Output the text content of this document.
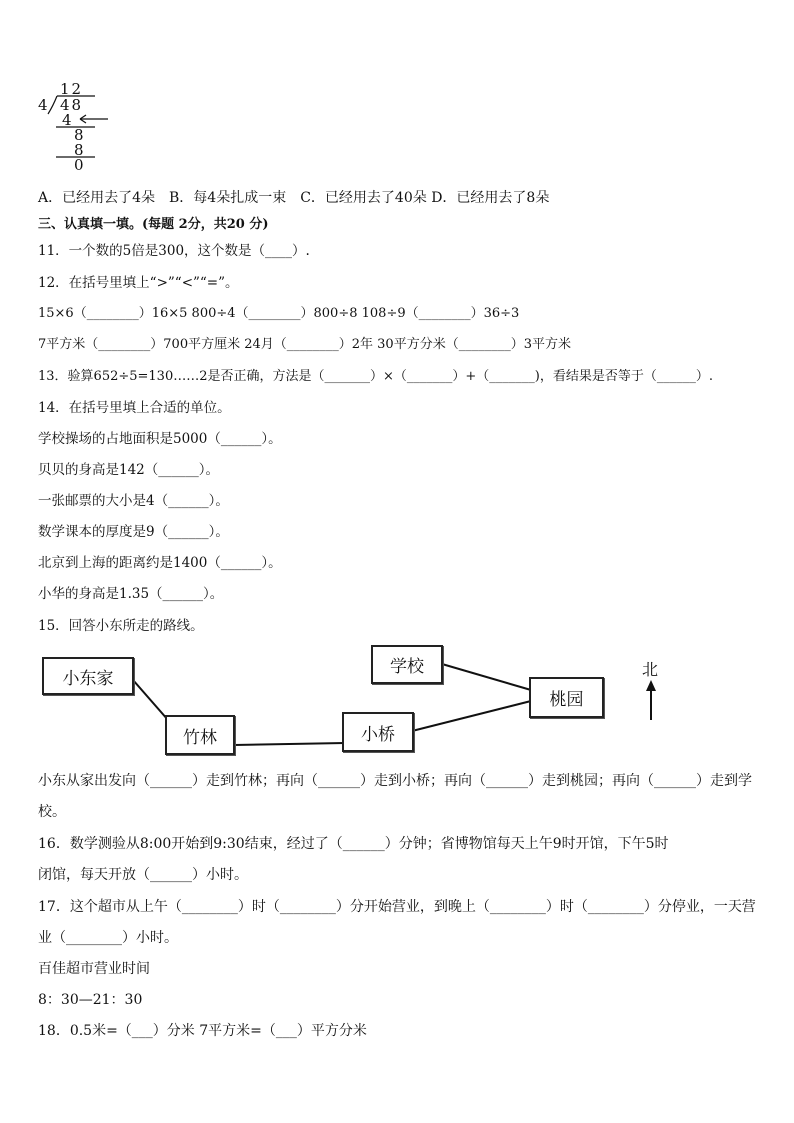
12
4 48
4
8
8
0
A．已经用去了4朵　B．每4朵扎成一束　C．已经用去了40朵 D．已经用去了8朵
三、认真填一填。(每题 2分，共20 分)
11．一个数的5倍是300，这个数是（____）.
12．在括号里填上“>”“<”“=”。
15×6（________）16×5 800÷4（________）800÷8 108÷9（________）36÷3
7平方米（________）700平方厘米 24月（________）2年 30平方分米（________）3平方米
13．验算652÷5=130……2是否正确，方法是（_______）×（_______）+（_______)，看结果是否等于（______）.
14．在括号里填上合适的单位。
学校操场的占地面积是5000（______）。
贝贝的身高是142（______）。
一张邮票的大小是4（______）。
数学课本的厚度是9（______）。
北京到上海的距离约是1400（______）。
小华的身高是1.35（______）。
15．回答小东所走的路线。
小东家
竹林	小桥
学校
桃园
北
小东从家出发向（______）走到竹林；再向（______）走到小桥；再向（______）走到桃园；再向（______）走到学
校。
16．数学测验从8:00开始到9:30结束，经过了（______）分钟；省博物馆每天上午9时开馆，下午5时
闭馆，每天开放（______）小时。
17．这个超市从上午（________）时（________）分开始营业，到晚上（________）时（________）分停业，一天营
业（________）小时。
百佳超市营业时间
8：30—21：30
18．0.5米=（___）分米 7平方米=（___）平方分米
